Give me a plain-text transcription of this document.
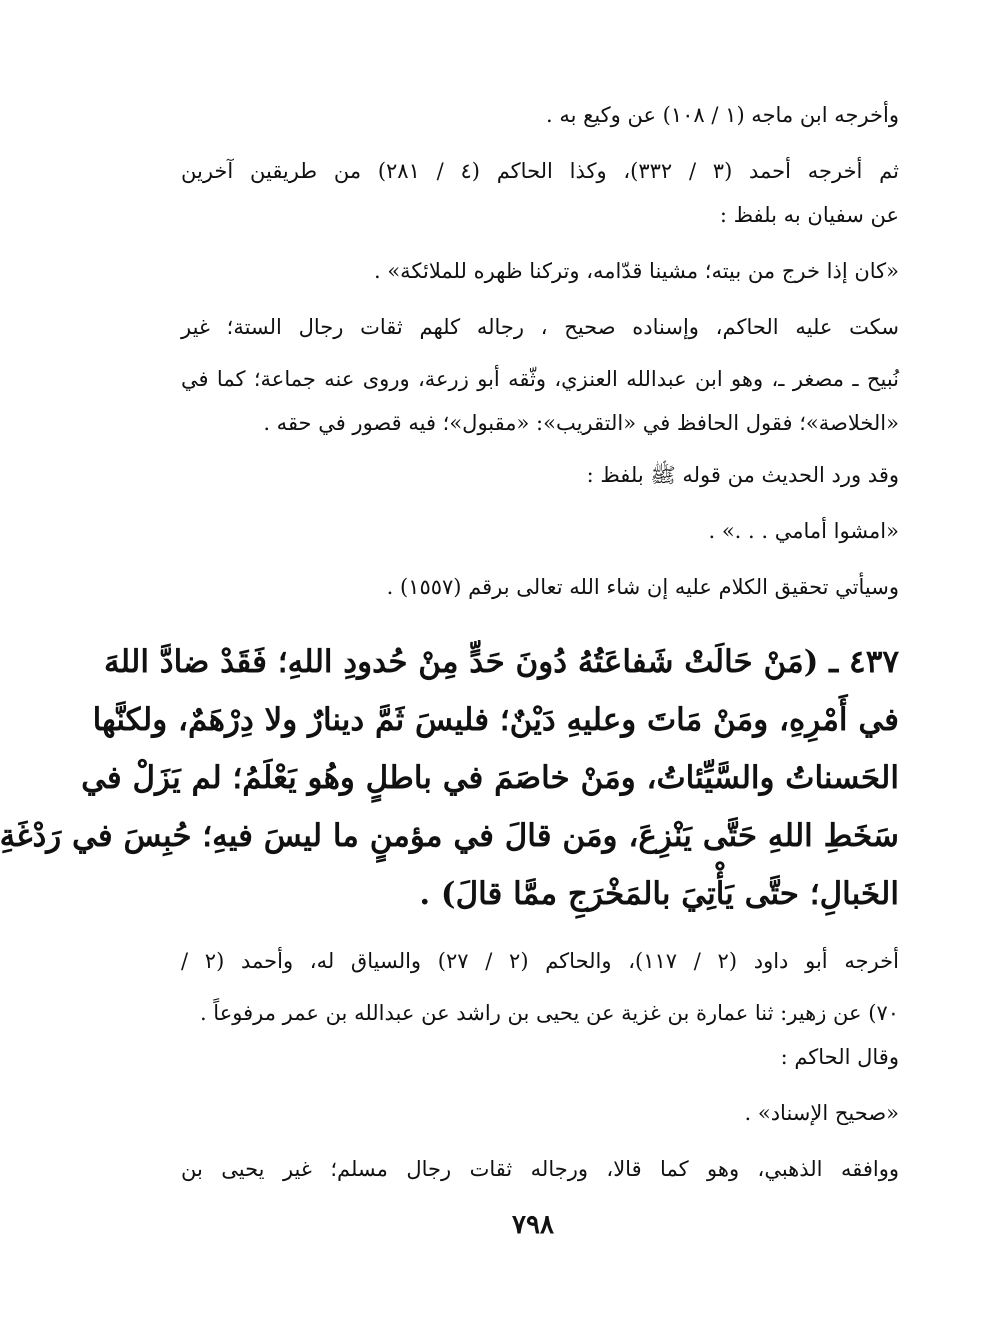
وأخرجه ابن ماجه (١ / ١٠٨) عن وكيع به .
ثم أخرجه أحمد (٣ / ٣٣٢)، وكذا الحاكم (٤ / ٢٨١) من طريقين آخرين
عن سفيان به بلفظ :
«كان إذا خرج من بيته؛ مشينا قدّامه، وتركنا ظهره للملائكة» .
سكت عليه الحاكم، وإسناده صحيح ، رجاله كلهم ثقات رجال الستة؛ غير
نُبيح ـ مصغر ـ، وهو ابن عبدالله العنزي، وثّقه أبو زرعة، وروى عنه جماعة؛ كما في
«الخلاصة»؛ فقول الحافظ في «التقريب»: «مقبول»؛ فيه قصور في حقه .
وقد ورد الحديث من قوله ﷺ بلفظ :
«امشوا أمامي . . .» .
وسيأتي تحقيق الكلام عليه إن شاء الله تعالى برقم (١٥٥٧) .
٤٣٧ ـ (مَنْ حَالَتْ شَفاعَتُهُ دُونَ حَدٍّ مِنْ حُدودِ اللهِ؛ فَقَدْ ضادَّ اللهَ
في أَمْرِهِ، ومَنْ مَاتَ وعليهِ دَيْنٌ؛ فليسَ ثَمَّ دينارٌ ولا دِرْهَمٌ، ولكنَّها
الحَسناتُ والسَّيِّئاتُ، ومَنْ خاصَمَ في باطلٍ وهُو يَعْلَمُ؛ لم يَزَلْ في
سَخَطِ اللهِ حَتَّى يَنْزِعَ، ومَن قالَ في مؤمنٍ ما ليسَ فيهِ؛ حُبِسَ في رَدْغَةِ
الخَبالِ؛ حتَّى يَأْتِيَ بالمَخْرَجِ ممَّا قالَ) .
أخرجه أبو داود (٢ / ١١٧)، والحاكم (٢ / ٢٧) والسياق له، وأحمد (٢ /
٧٠) عن زهير: ثنا عمارة بن غزية عن يحيى بن راشد عن عبدالله بن عمر مرفوعاً .
وقال الحاكم :
«صحيح الإسناد» .
ووافقه الذهبي، وهو كما قالا، ورجاله ثقات رجال مسلم؛ غير يحيى بن
٧٩٨
